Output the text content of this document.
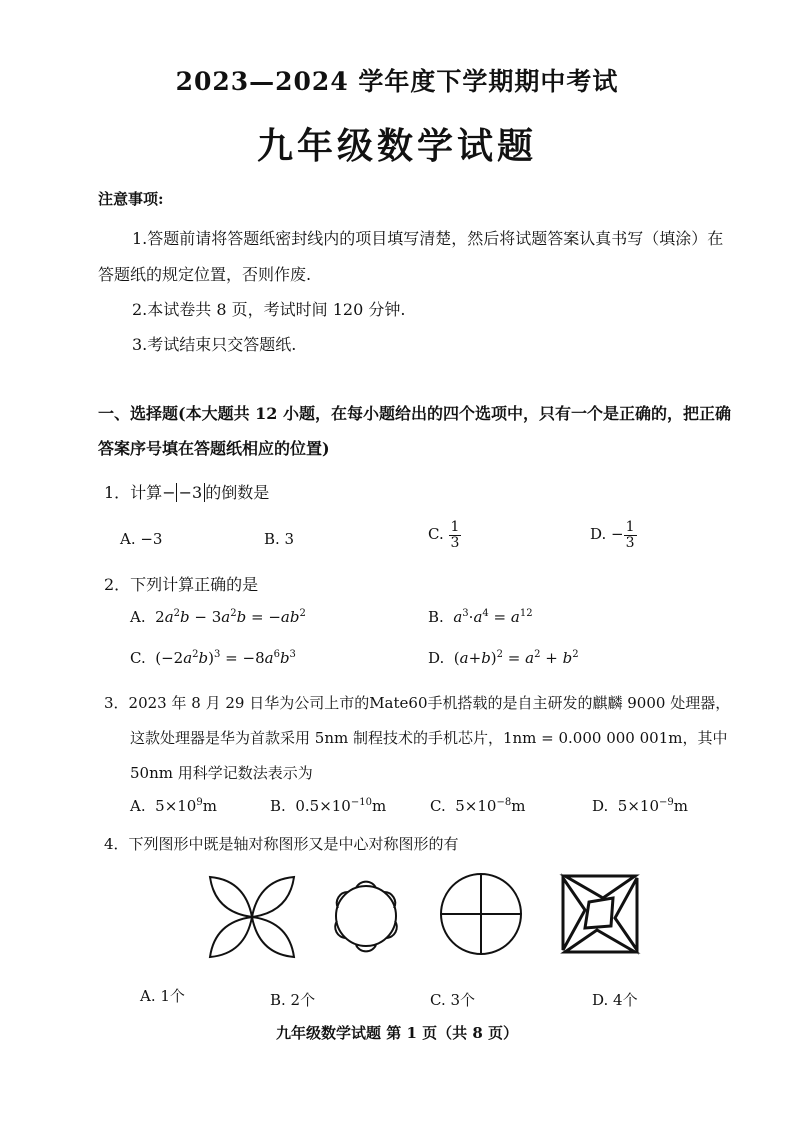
2023—2024 学年度下学期期中考试
九年级数学试题
注意事项:
1.答题前请将答题纸密封线内的项目填写清楚，然后将试题答案认真书写（填涂）在
答题纸的规定位置，否则作废.
2.本试卷共 8 页，考试时间 120 分钟.
3.考试结束只交答题纸.
一、选择题(本大题共 12 小题，在每小题给出的四个选项中，只有一个是正确的，把正确
答案序号填在答题纸相应的位置)
1．计算− −3 的倒数是
A. −3	B. 3	C. $\frac{1}{3}$	D. − $\frac{1}{3}$
2．下列计算正确的是
A.  $2a^2b - 3a^2b = -ab^2$	B. $a^3\cdot a^4 = a^{12}$
C.  $(-2a^2b)^3 = -8a^6b^3$	D.  $(a+b)^2 = a^2 + b^2$
3．2023 年 8 月 29 日华为公司上市的Mate60手机搭载的是自主研发的麒麟 9000 处理器，
这款处理器是华为首款采用 5nm 制程技术的手机芯片，1nm = 0.000 000 001m，其中
50nm 用科学记数法表示为
A.  $5\times 10^9m$	B.  $0.5\times 10^{-10}m$	C.  $5\times 10^{-8}m$	D.  $5\times 10^{-9}m$
4．下列图形中既是轴对称图形又是中心对称图形的有
A. 1个	B. 2个	C. 3个	D. 4个
九年级数学试题 第 1 页（共 8 页）
